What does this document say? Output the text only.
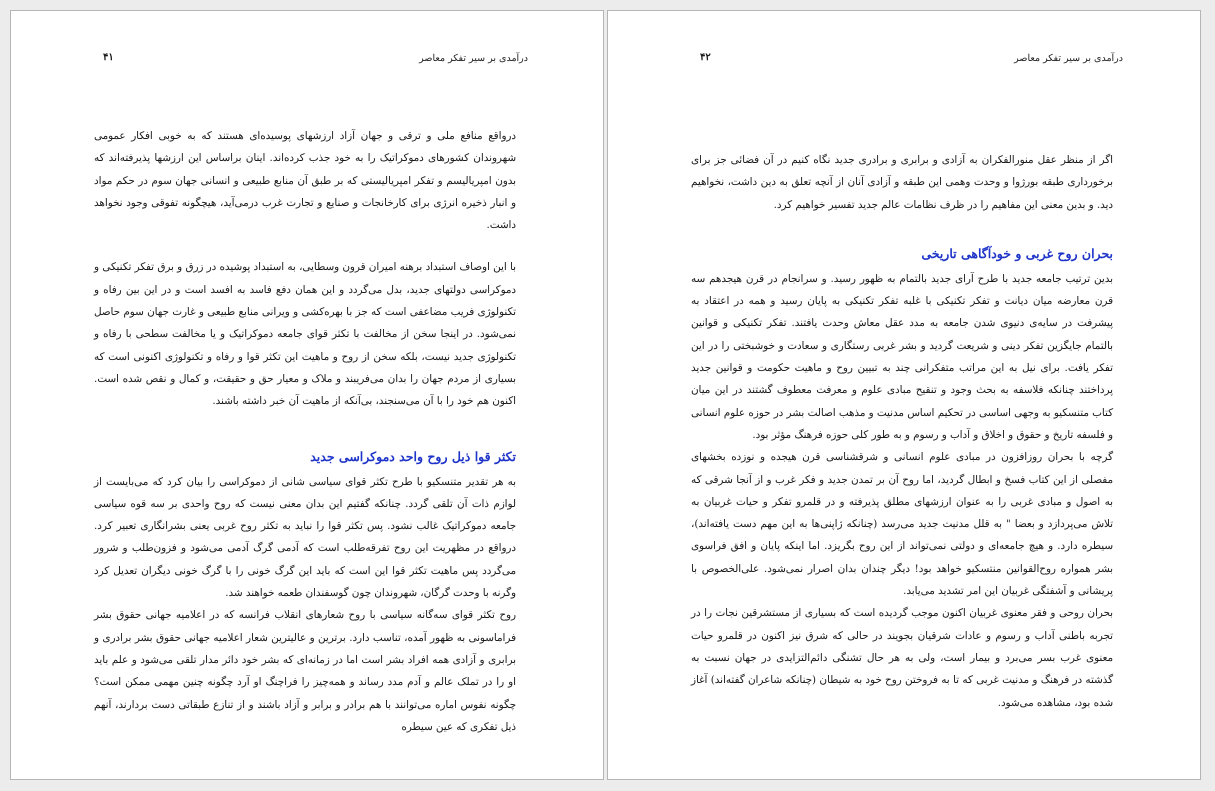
درآمدی بر سیر تفکر معاصر
۴۱

درواقع منافع ملی و ترقی و جهان آزاد ارزشهای پوسیده‌ای هستند که به خوبی افکار عمومی شهروندان کشورهای دموکراتیک را به خود جذب کرده‌اند. اینان براساس این ارزشها پذیرفته‌اند که بدون امپریالیسم و تفکر امپریالیستی که بر طبق آن منابع طبیعی و انسانی جهان سوم در حکم مواد و انبار ذخیره انرژی برای کارخانجات و صنایع و تجارت غرب درمی‌آید، هیچگونه تفوقی وجود نخواهد داشت.

با این اوصاف استبداد برهنه امیران قرون وسطایی، به استبداد پوشیده در زرق و برق تفکر تکنیکی و دموکراسی دولتهای جدید، بدل می‌گردد و این همان دفع فاسد به افسد است و در این بین رفاه و تکنولوژی فریب مضاعفی است که جز با بهره‌کشی و ویرانی منابع طبیعی و غارت جهان سوم حاصل نمی‌شود. در اینجا سخن از مخالفت با تکثر قوای جامعه دموکراتیک و یا مخالفت سطحی با رفاه و تکنولوژی جدید نیست، بلکه سخن از روح و ماهیت این تکثر قوا و رفاه و تکنولوژی اکنونی است که بسیاری از مردم جهان را بدان می‌فریبند و ملاک و معیار حق و حقیقت، و کمال و نقص شده است. اکنون هم خود را با آن می‌سنجند، بی‌آنکه از ماهیت آن خبر داشته باشند.

تکثر قوا ذیل روح واحد دموکراسی جدید

به هر تقدیر متنسکیو با طرح تکثر قوای سیاسی شانی از دموکراسی را بیان کرد که می‌بایست از لوازم ذات آن تلقی گردد. چنانکه گفتیم این بدان معنی نیست که روح واحدی بر سه قوه سیاسی جامعه دموکراتیک غالب نشود. پس تکثر قوا را نباید به تکثر روح غربی یعنی بشرانگاری تعبیر کرد. درواقع در مظهریت این روح تفرقه‌طلب است که آدمی گرگ آدمی می‌شود و فزون‌طلب و شرور می‌گردد پس ماهیت تکثر قوا این است که باید این گرگ خونی را با گرگ خونی دیگران تعدیل کرد وگرنه با وحدت گرگان، شهروندان چون گوسفندان طعمه خواهند شد.

روح تکثر قوای سه‌گانه سیاسی با روح شعارهای انقلاب فرانسه که در اعلامیه جهانی حقوق بشر فراماسونی به ظهور آمده، تناسب دارد. برترین و عالیترین شعار اعلامیه جهانی حقوق بشر برادری و برابری و آزادی همه افراد بشر است اما در زمانه‌ای که بشر خود دائر مدار تلقی می‌شود و علم باید او را در تملک عالم و آدم مدد رساند و همه‌چیز را فراچنگ او آرد چگونه چنین مهمی ممکن است؟ چگونه نفوس اماره می‌توانند با هم برادر و برابر و آزاد باشند و از تنازع طبقاتی دست بردارند، آنهم ذیل تفکری که عین سیطره

درآمدی بر سیر تفکر معاصر
۴۲

اگر از منظر عقل منورالفکران به آزادی و برابری و برادری جدید نگاه کنیم در آن فضائی جز برای برخورداری طبقه بورژوا و وحدت وهمی این طبقه و آزادی آنان از آنچه تعلق به دین داشت، نخواهیم دید. و بدین معنی این مفاهیم را در ظرف نظامات عالم جدید تفسیر خواهیم کرد.

بحران روح غربی و خودآگاهی تاریخی

بدین ترتیب جامعه جدید با طرح آرای جدید بالتمام به ظهور رسید. و سرانجام در قرن هیجدهم سه قرن معارضه میان دیانت و تفکر تکنیکی با غلبه تفکر تکنیکی به پایان رسید و همه در اعتقاد به پیشرفت در سایه‌ی دنیوی شدن جامعه به مدد عقل معاش وحدت یافتند. تفکر تکنیکی و قوانین بالتمام جایگزین تفکر دینی و شریعت گردید و بشر غربی رستگاری و سعادت و خوشبختی را در این تفکر یافت. برای نیل به این مراتب متفکرانی چند به تبیین روح و ماهیت حکومت و قوانین جدید پرداختند چنانکه فلاسفه به بحث وجود و تنقیح مبادی علوم و معرفت معطوف گشتند در این میان کتاب متنسکیو به وجهی اساسی در تحکیم اساس مدنیت و مذهب اصالت بشر در حوزه علوم انسانی و فلسفه تاریخ و حقوق و اخلاق و آداب و رسوم و به طور کلی حوزه فرهنگ مؤثر بود.

گرچه با بحران روزافزون در مبادی علوم انسانی و شرقشناسی قرن هیجده و نوزده بخشهای مفصلی از این کتاب فسخ و ابطال گردید، اما روح آن بر تمدن جدید و فکر غرب و از آنجا شرقی که به اصول و مبادی غربی را به عنوان ارزشهای مطلق پذیرفته و در قلمرو تفکر و حیات غربیان به تلاش می‌پردازد و بعضا ‌" به قلل مدنیت جدید می‌رسد (چنانکه ژاپنی‌ها به این مهم دست یافته‌اند)، سیطره دارد. و هیچ جامعه‌ای و دولتی نمی‌تواند از این روح بگریزد. اما اینکه پایان و افق فراسوی بشر همواره روح‌القوانین منتسکیو خواهد بود! دیگر چندان بدان اصرار نمی‌شود. علی‌الخصوص با پریشانی و آشفتگی غربیان این امر تشدید می‌یابد.

بحران روحی و فقر معنوی غربیان اکنون موجب گردیده است که بسیاری از مستشرقین نجات را در تجربه باطنی آداب و رسوم و عادات شرقیان بجویند در حالی که شرق نیز اکنون در قلمرو حیات معنوی غرب بسر می‌برد و بیمار است، ولی به هر حال تشنگی دائم‌التزایدی در جهان نسبت به گذشته در فرهنگ و مدنیت غربی که تا به فروختن روح خود به شیطان (چنانکه شاعران گفته‌اند) آغاز شده بود، مشاهده می‌شود.
